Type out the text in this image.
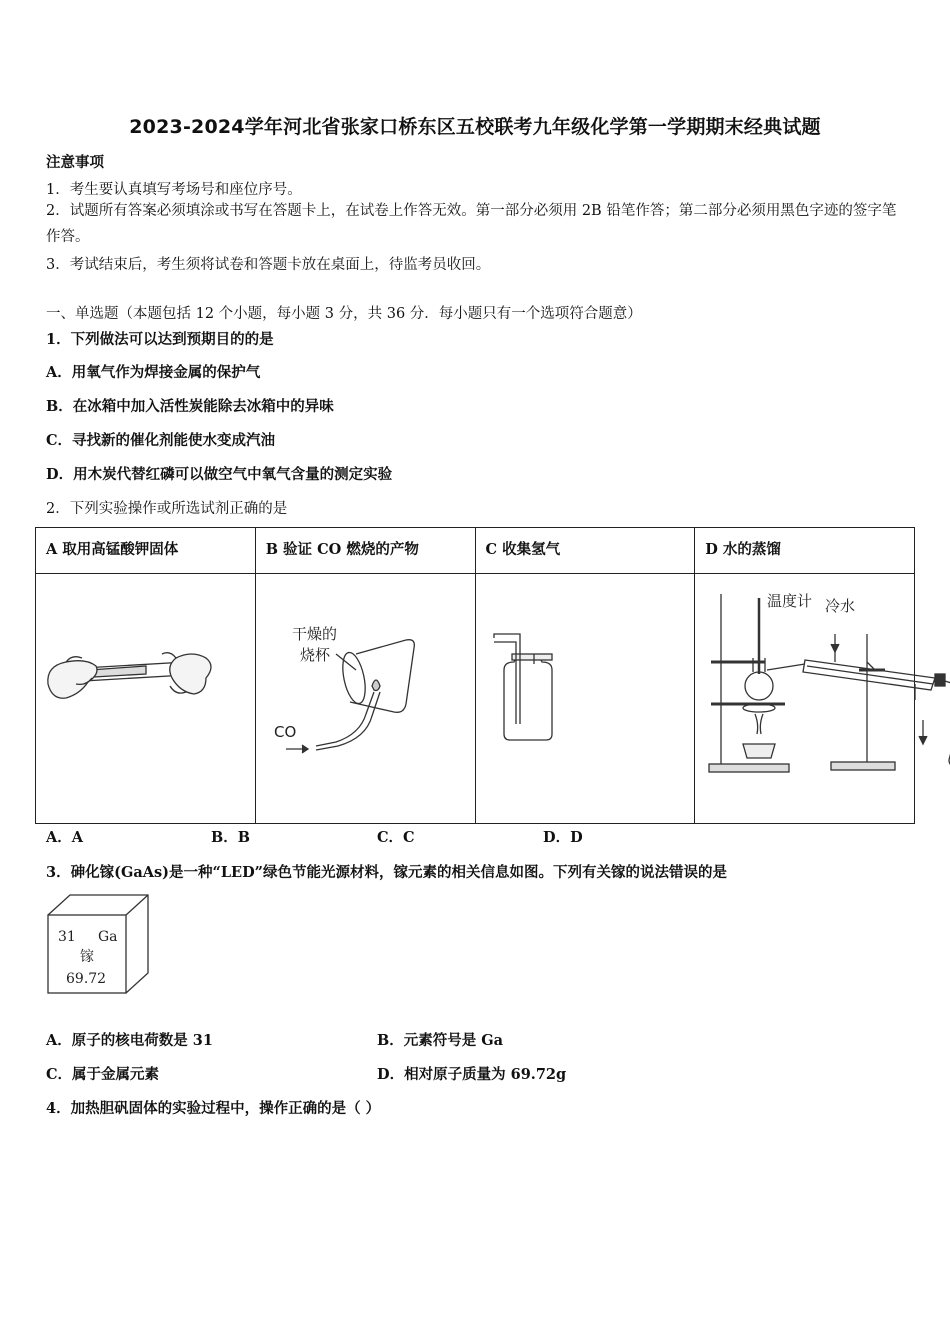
2023-2024学年河北省张家口桥东区五校联考九年级化学第一学期期末经典试题
注意事项
1．考生要认真填写考场号和座位序号。
2．试题所有答案必须填涂或书写在答题卡上，在试卷上作答无效。第一部分必须用 2B 铅笔作答；第二部分必须用黑色字迹的签字笔作答。
3．考试结束后，考生须将试卷和答题卡放在桌面上，待监考员收回。
一、单选题（本题包括 12 个小题，每小题 3 分，共 36 分．每小题只有一个选项符合题意）
1．下列做法可以达到预期目的的是
A．用氧气作为焊接金属的保护气
B．在冰箱中加入活性炭能除去冰箱中的异味
C．寻找新的催化剂能使水变成汽油
D．用木炭代替红磷可以做空气中氧气含量的测定实验
2．下列实验操作或所选试剂正确的是
A 取用高锰酸钾固体	B 验证 CO 燃烧的产物	C 收集氢气	D 水的蒸馏

干燥的
烧杯
CO		温度计 冷水
A．A	B．B	C．C	D．D
3．砷化镓(GaAs)是一种“LED”绿色节能光源材料，镓元素的相关信息如图。下列有关镓的说法错误的是
31 Ga
镓
69.72
A．原子的核电荷数是 31	B．元素符号是 Ga
C．属于金属元素	D．相对原子质量为 69.72g
4．加热胆矾固体的实验过程中，操作正确的是（ ）
